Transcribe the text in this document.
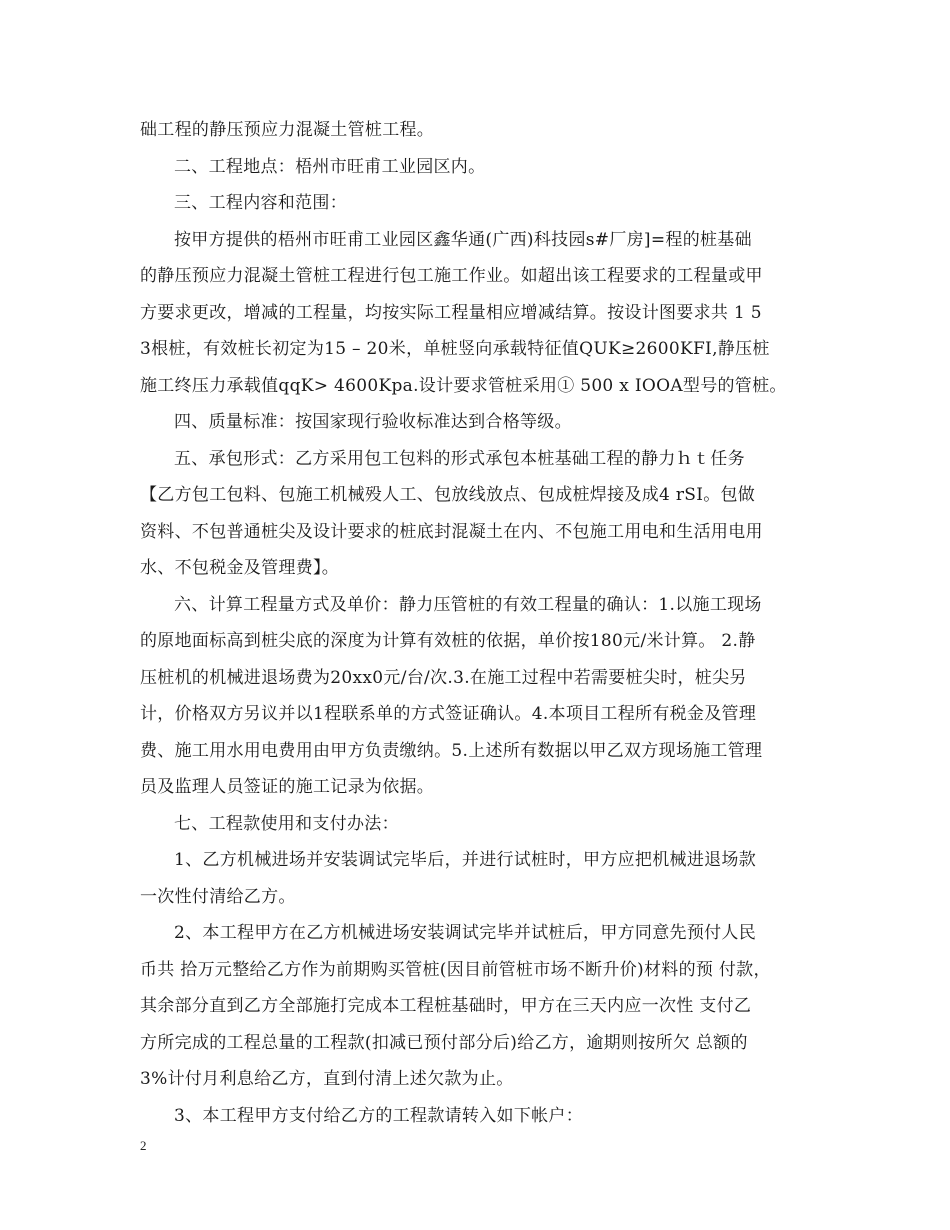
础工程的静压预应力混凝土管桩工程。
二、工程地点：梧州市旺甫工业园区内。
三、工程内容和范围：
按甲方提供的梧州市旺甫工业园区鑫华通(广西)科技园s#厂房]=程的桩基础
的静压预应力混凝土管桩工程进行包工施工作业。如超出该工程要求的工程量或甲
方要求更改，增减的工程量，均按实际工程量相应增减结算。按设计图要求共 1 5
3根桩，有效桩长初定为15 – 20米，单桩竖向承载特征值QUK≥2600KFI,静压桩
施工终压力承载值qqK> 4600Kpa.设计要求管桩采用① 500 x IOOA型号的管桩。
四、质量标准：按国家现行验收标准达到合格等级。
五、承包形式：乙方采用包工包料的形式承包本桩基础工程的静力ｈｔ任务
【乙方包工包料、包施工机械殁人工、包放线放点、包成桩焊接及成4 rSI。包做
资料、不包普通桩尖及设计要求的桩底封混凝土在内、不包施工用电和生活用电用
水、不包税金及管理费】。
六、计算工程量方式及单价：静力压管桩的有效工程量的确认：1.以施工现场
的原地面标高到桩尖底的深度为计算有效桩的依据，单价按180元/米计算。 2.静
压桩机的机械进退场费为20xx0元/台/次.3.在施工过程中若需要桩尖时，桩尖另
计，价格双方另议并以1程联系单的方式签证确认。4.本项目工程所有税金及管理
费、施工用水用电费用由甲方负责缴纳。5.上述所有数据以甲乙双方现场施工管理
员及监理人员签证的施工记录为依据。
七、工程款使用和支付办法：
1、乙方机械进场并安装调试完毕后，并进行试桩时，甲方应把机械进退场款
一次性付清给乙方。
2、本工程甲方在乙方机械进场安装调试完毕并试桩后，甲方同意先预付人民
币共 拾万元整给乙方作为前期购买管桩(因目前管桩市场不断升价)材料的预 付款，
其余部分直到乙方全部施打完成本工程桩基础时，甲方在三天内应一次性 支付乙
方所完成的工程总量的工程款(扣减已预付部分后)给乙方，逾期则按所欠 总额的
3%计付月利息给乙方，直到付清上述欠款为止。
3、本工程甲方支付给乙方的工程款请转入如下帐户：
2
